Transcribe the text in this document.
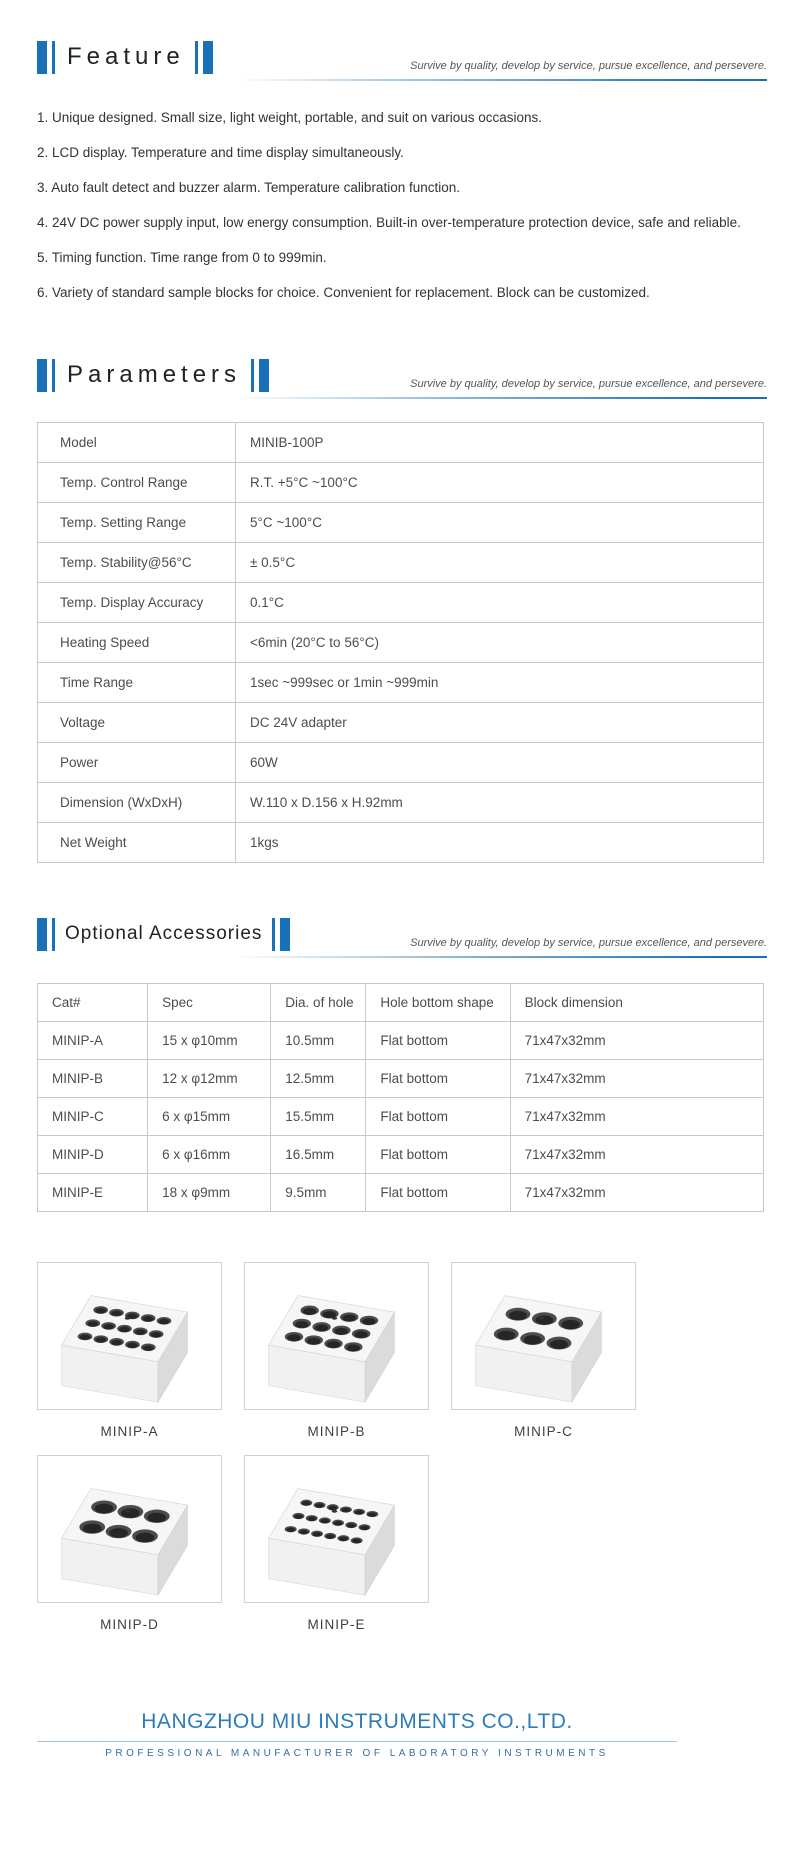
Feature	Survive by quality, develop by service, pursue excellence, and persevere.

1. Unique designed. Small size, light weight, portable, and suit on various occasions.

2. LCD display. Temperature and time display simultaneously.

3. Auto fault detect and buzzer alarm. Temperature calibration function.

4. 24V DC power supply input, low energy consumption. Built-in over-temperature protection device, safe and reliable.

5. Timing function. Time range from 0 to 999min.

6. Variety of standard sample blocks for choice. Convenient for replacement. Block can be customized.

Parameters	Survive by quality, develop by service, pursue excellence, and persevere.
Model	MINIB-100P
Temp. Control Range	R.T. +5°C ~100°C
Temp. Setting Range	5°C ~100°C
Temp. Stability@56°C	± 0.5°C
Temp. Display Accuracy	0.1°C
Heating Speed	<6min (20°C to 56°C)
Time Range	1sec ~999sec or 1min ~999min
Voltage	DC 24V adapter
Power	60W
Dimension (WxDxH)	W.110 x D.156 x H.92mm
Net Weight	1kgs
Optional Accessories	Survive by quality, develop by service, pursue excellence, and persevere.
Cat#	Spec	Dia. of hole	Hole bottom shape	Block dimension
MINIP-A	15 x φ10mm	10.5mm	Flat bottom	71x47x32mm
MINIP-B	12 x φ12mm	12.5mm	Flat bottom	71x47x32mm
MINIP-C	6 x φ15mm	15.5mm	Flat bottom	71x47x32mm
MINIP-D	6 x φ16mm	16.5mm	Flat bottom	71x47x32mm
MINIP-E	18 x φ9mm	9.5mm	Flat bottom	71x47x32mm
MINIP-A	MINIP-B	MINIP-C
MINIP-D	MINIP-E
HANGZHOU MIU INSTRUMENTS CO.,LTD.
PROFESSIONAL MANUFACTURER OF LABORATORY INSTRUMENTS
